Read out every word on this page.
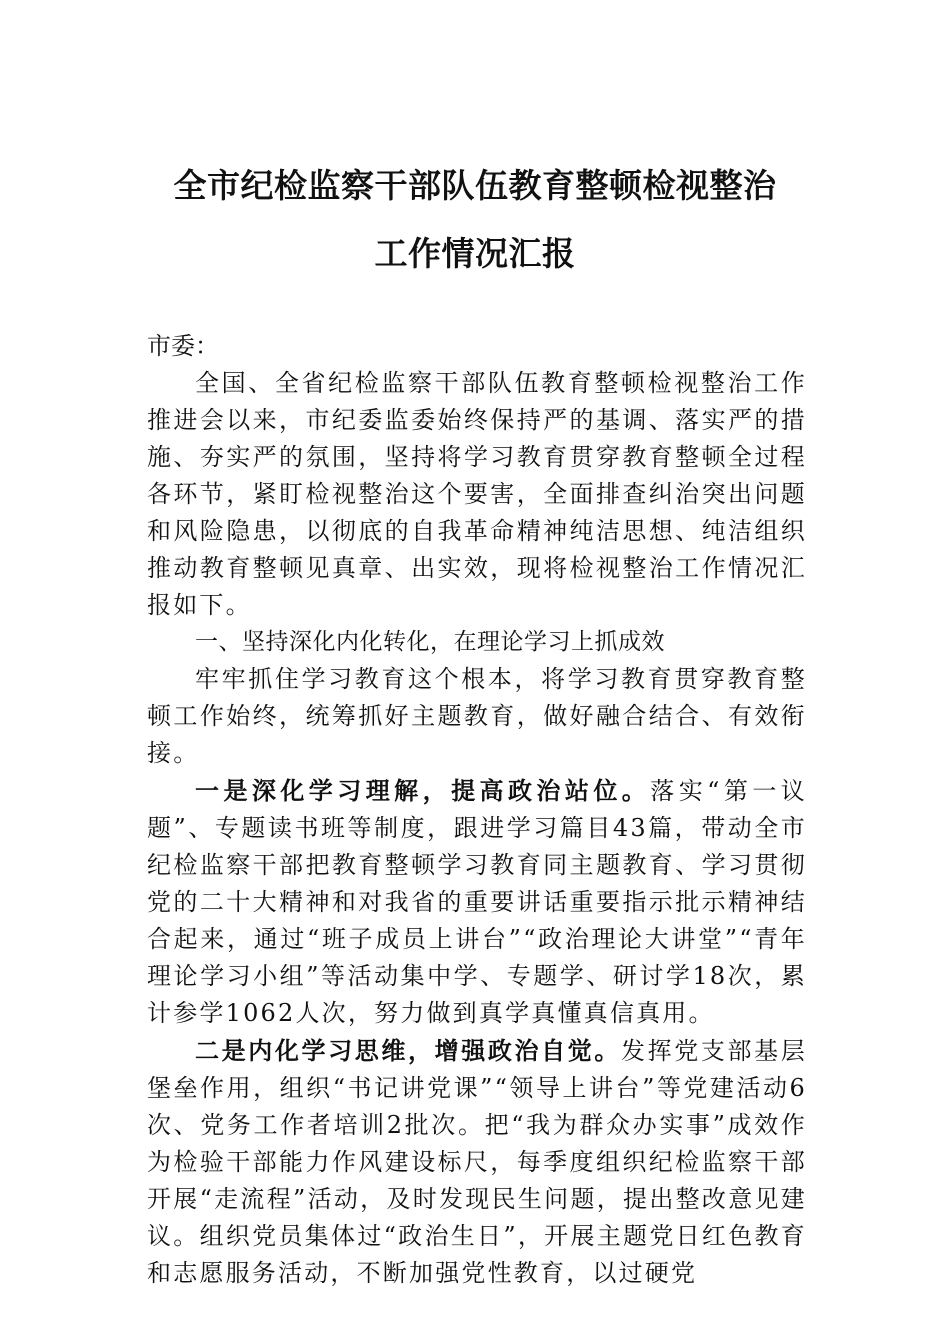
全市纪检监察干部队伍教育整顿检视整治
工作情况汇报

市委：

全国、全省纪检监察干部队伍教育整顿检视整治工作推进会以来，市纪委监委始终保持严的基调、落实严的措施、夯实严的氛围，坚持将学习教育贯穿教育整顿全过程各环节，紧盯检视整治这个要害，全面排查纠治突出问题和风险隐患，以彻底的自我革命精神纯洁思想、纯洁组织推动教育整顿见真章、出实效，现将检视整治工作情况汇报如下。

一、坚持深化内化转化，在理论学习上抓成效

牢牢抓住学习教育这个根本，将学习教育贯穿教育整顿工作始终，统筹抓好主题教育，做好融合结合、有效衔接。

一是深化学习理解，提高政治站位。落实“第一议题”、专题读书班等制度，跟进学习篇目43篇，带动全市纪检监察干部把教育整顿学习教育同主题教育、学习贯彻党的二十大精神和对我省的重要讲话重要指示批示精神结合起来，通过“班子成员上讲台”“政治理论大讲堂”“青年理论学习小组”等活动集中学、专题学、研讨学18次，累计参学1062人次，努力做到真学真懂真信真用。

二是内化学习思维，增强政治自觉。发挥党支部基层堡垒作用，组织“书记讲党课”“领导上讲台”等党建活动6次、党务工作者培训2批次。把“我为群众办实事”成效作为检验干部能力作风建设标尺，每季度组织纪检监察干部开展“走流程”活动，及时发现民生问题，提出整改意见建议。组织党员集体过“政治生日”，开展主题党日红色教育和志愿服务活动，不断加强党性教育，以过硬党
